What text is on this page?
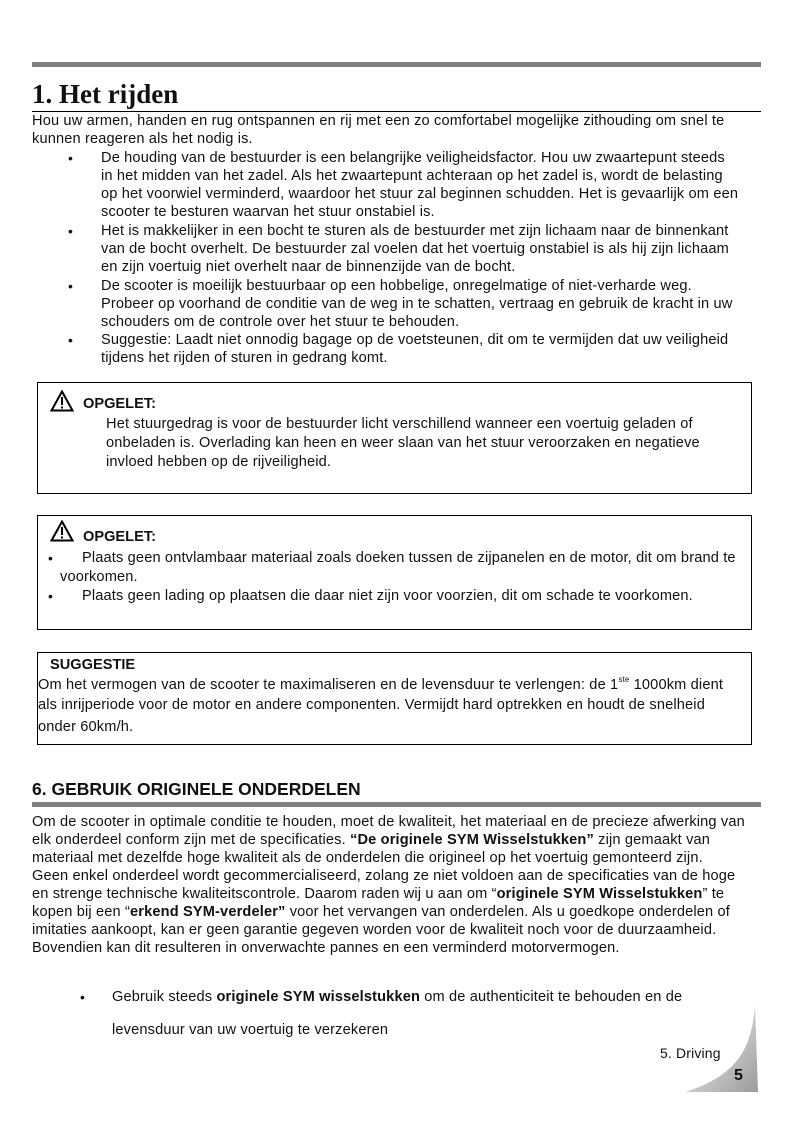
1. Het rijden
OPGELET:
OPGELET:
SUGGESTIE
Om het vermogen van de scooter te maximaliseren en de levensduur te verlengen: de 1ste 1000km dient
6. GEBRUIK ORIGINELE ONDERDELEN
Hou uw armen, handen en rug ontspannen en rij met een zo comfortabel mogelijke zithouding om snel te
kunnen reageren als het nodig is.
• De houding van de bestuurder is een belangrijke veiligheidsfactor. Hou uw zwaartepunt steeds
in het midden van het zadel. Als het zwaartepunt achteraan op het zadel is, wordt de belasting
op het voorwiel verminderd, waardoor het stuur zal beginnen schudden. Het is gevaarlijk om een
scooter te besturen waarvan het stuur onstabiel is.
• Het is makkelijker in een bocht te sturen als de bestuurder met zijn lichaam naar de binnenkant
van de bocht overhelt. De bestuurder zal voelen dat het voertuig onstabiel is als hij zijn lichaam
en zijn voertuig niet overhelt naar de binnenzijde van de bocht.
• De scooter is moeilijk bestuurbaar op een hobbelige, onregelmatige of niet-verharde weg.
Probeer op voorhand de conditie van de weg in te schatten, vertraag en gebruik de kracht in uw
schouders om de controle over het stuur te behouden.
• Suggestie: Laadt niet onnodig bagage op de voetsteunen, dit om te vermijden dat uw veiligheid
tijdens het rijden of sturen in gedrang komt.
Het stuurgedrag is voor de bestuurder licht verschillend wanneer een voertuig geladen of
onbeladen is. Overlading kan heen en weer slaan van het stuur veroorzaken en negatieve
invloed hebben op de rijveiligheid.
• Plaats geen ontvlambaar materiaal zoals doeken tussen de zijpanelen en de motor, dit om brand te
voorkomen.
• Plaats geen lading op plaatsen die daar niet zijn voor voorzien, dit om schade te voorkomen.
als inrijperiode voor de motor en andere componenten. Vermijdt hard optrekken en houdt de snelheid
onder 60km/h.
Om de scooter in optimale conditie te houden, moet de kwaliteit, het materiaal en de precieze afwerking van
elk onderdeel conform zijn met de specificaties. “De originele SYM Wisselstukken” zijn gemaakt van
materiaal met dezelfde hoge kwaliteit als de onderdelen die origineel op het voertuig gemonteerd zijn.
Geen enkel onderdeel wordt gecommercialiseerd, zolang ze niet voldoen aan de specificaties van de hoge
en strenge technische kwaliteitscontrole. Daarom raden wij u aan om “originele SYM Wisselstukken” te
kopen bij een “erkend SYM-verdeler” voor het vervangen van onderdelen. Als u goedkope onderdelen of
imitaties aankoopt, kan er geen garantie gegeven worden voor de kwaliteit noch voor de duurzaamheid.
Bovendien kan dit resulteren in onverwachte pannes en een verminderd motorvermogen.
• Gebruik steeds originele SYM wisselstukken om de authenticiteit te behouden en de
levensduur van uw voertuig te verzekeren
5. Driving
5
